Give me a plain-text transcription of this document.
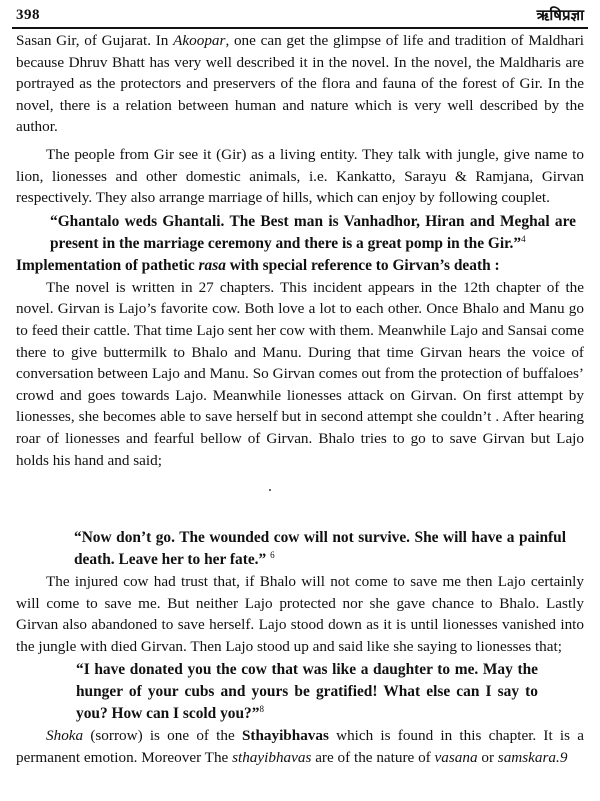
398	ऋषिप्रज्ञा

Sasan Gir, of Gujarat. In Akoopar, one can get the glimpse of life and tradition of Maldhari because Dhruv Bhatt has very well described it in the novel. In the novel, the Maldharis are portrayed as the protectors and preservers of the flora and fauna of the forest of Gir. In the novel, there is a relation between human and nature which is very well described by the author.

The people from Gir see it (Gir) as a living entity. They talk with jungle, give name to lion, lionesses and other domestic animals, i.e. Kankatto, Sarayu & Ramjana, Girvan respectively. They also arrange marriage of hills, which can enjoy by following couplet.

“Ghantalo weds Ghantali. The Best man is Vanhadhor, Hiran and Meghal are present in the marriage ceremony and there is a great pomp in the Gir.”$^4$
Implementation of pathetic rasa with special reference to Girvan’s death :

The novel is written in 27 chapters. This incident appears in the 12th chapter of the novel. Girvan is Lajo’s favorite cow. Both love a lot to each other. Once Bhalo and Manu go to feed their cattle. That time Lajo sent her cow with them. Meanwhile Lajo and Sansai come there to give buttermilk to Bhalo and Manu. During that time Girvan hears the voice of conversation between Lajo and Manu. So Girvan comes out from the protection of buffaloes’ crowd and goes towards Lajo. Meanwhile lionesses attack on Girvan. On first attempt by lionesses, she becomes able to save herself but in second attempt she couldn’t . After hearing roar of lionesses and fearful bellow of Girvan. Bhalo tries to go to save Girvan but Lajo holds his hand and said;

“Now don’t go. The wounded cow will not survive. She will have a painful death. Leave her to her fate.” $^6$

The injured cow had trust that, if Bhalo will not come to save me then Lajo certainly will come to save me. But neither Lajo protected nor she gave chance to Bhalo. Lastly Girvan also abandoned to save herself. Lajo stood down as it is until lionesses vanished into the jungle with died Girvan. Then Lajo stood up and said like she saying to lionesses that;

“I have donated you the cow that was like a daughter to me. May the hunger of your cubs and yours be gratified! What else can I say to you? How can I scold you?”$^8$

Shoka (sorrow) is one of the Sthayibhavas which is found in this chapter. It is a permanent emotion. Moreover The sthayibhavas are of the nature of vasana or samskara.9
